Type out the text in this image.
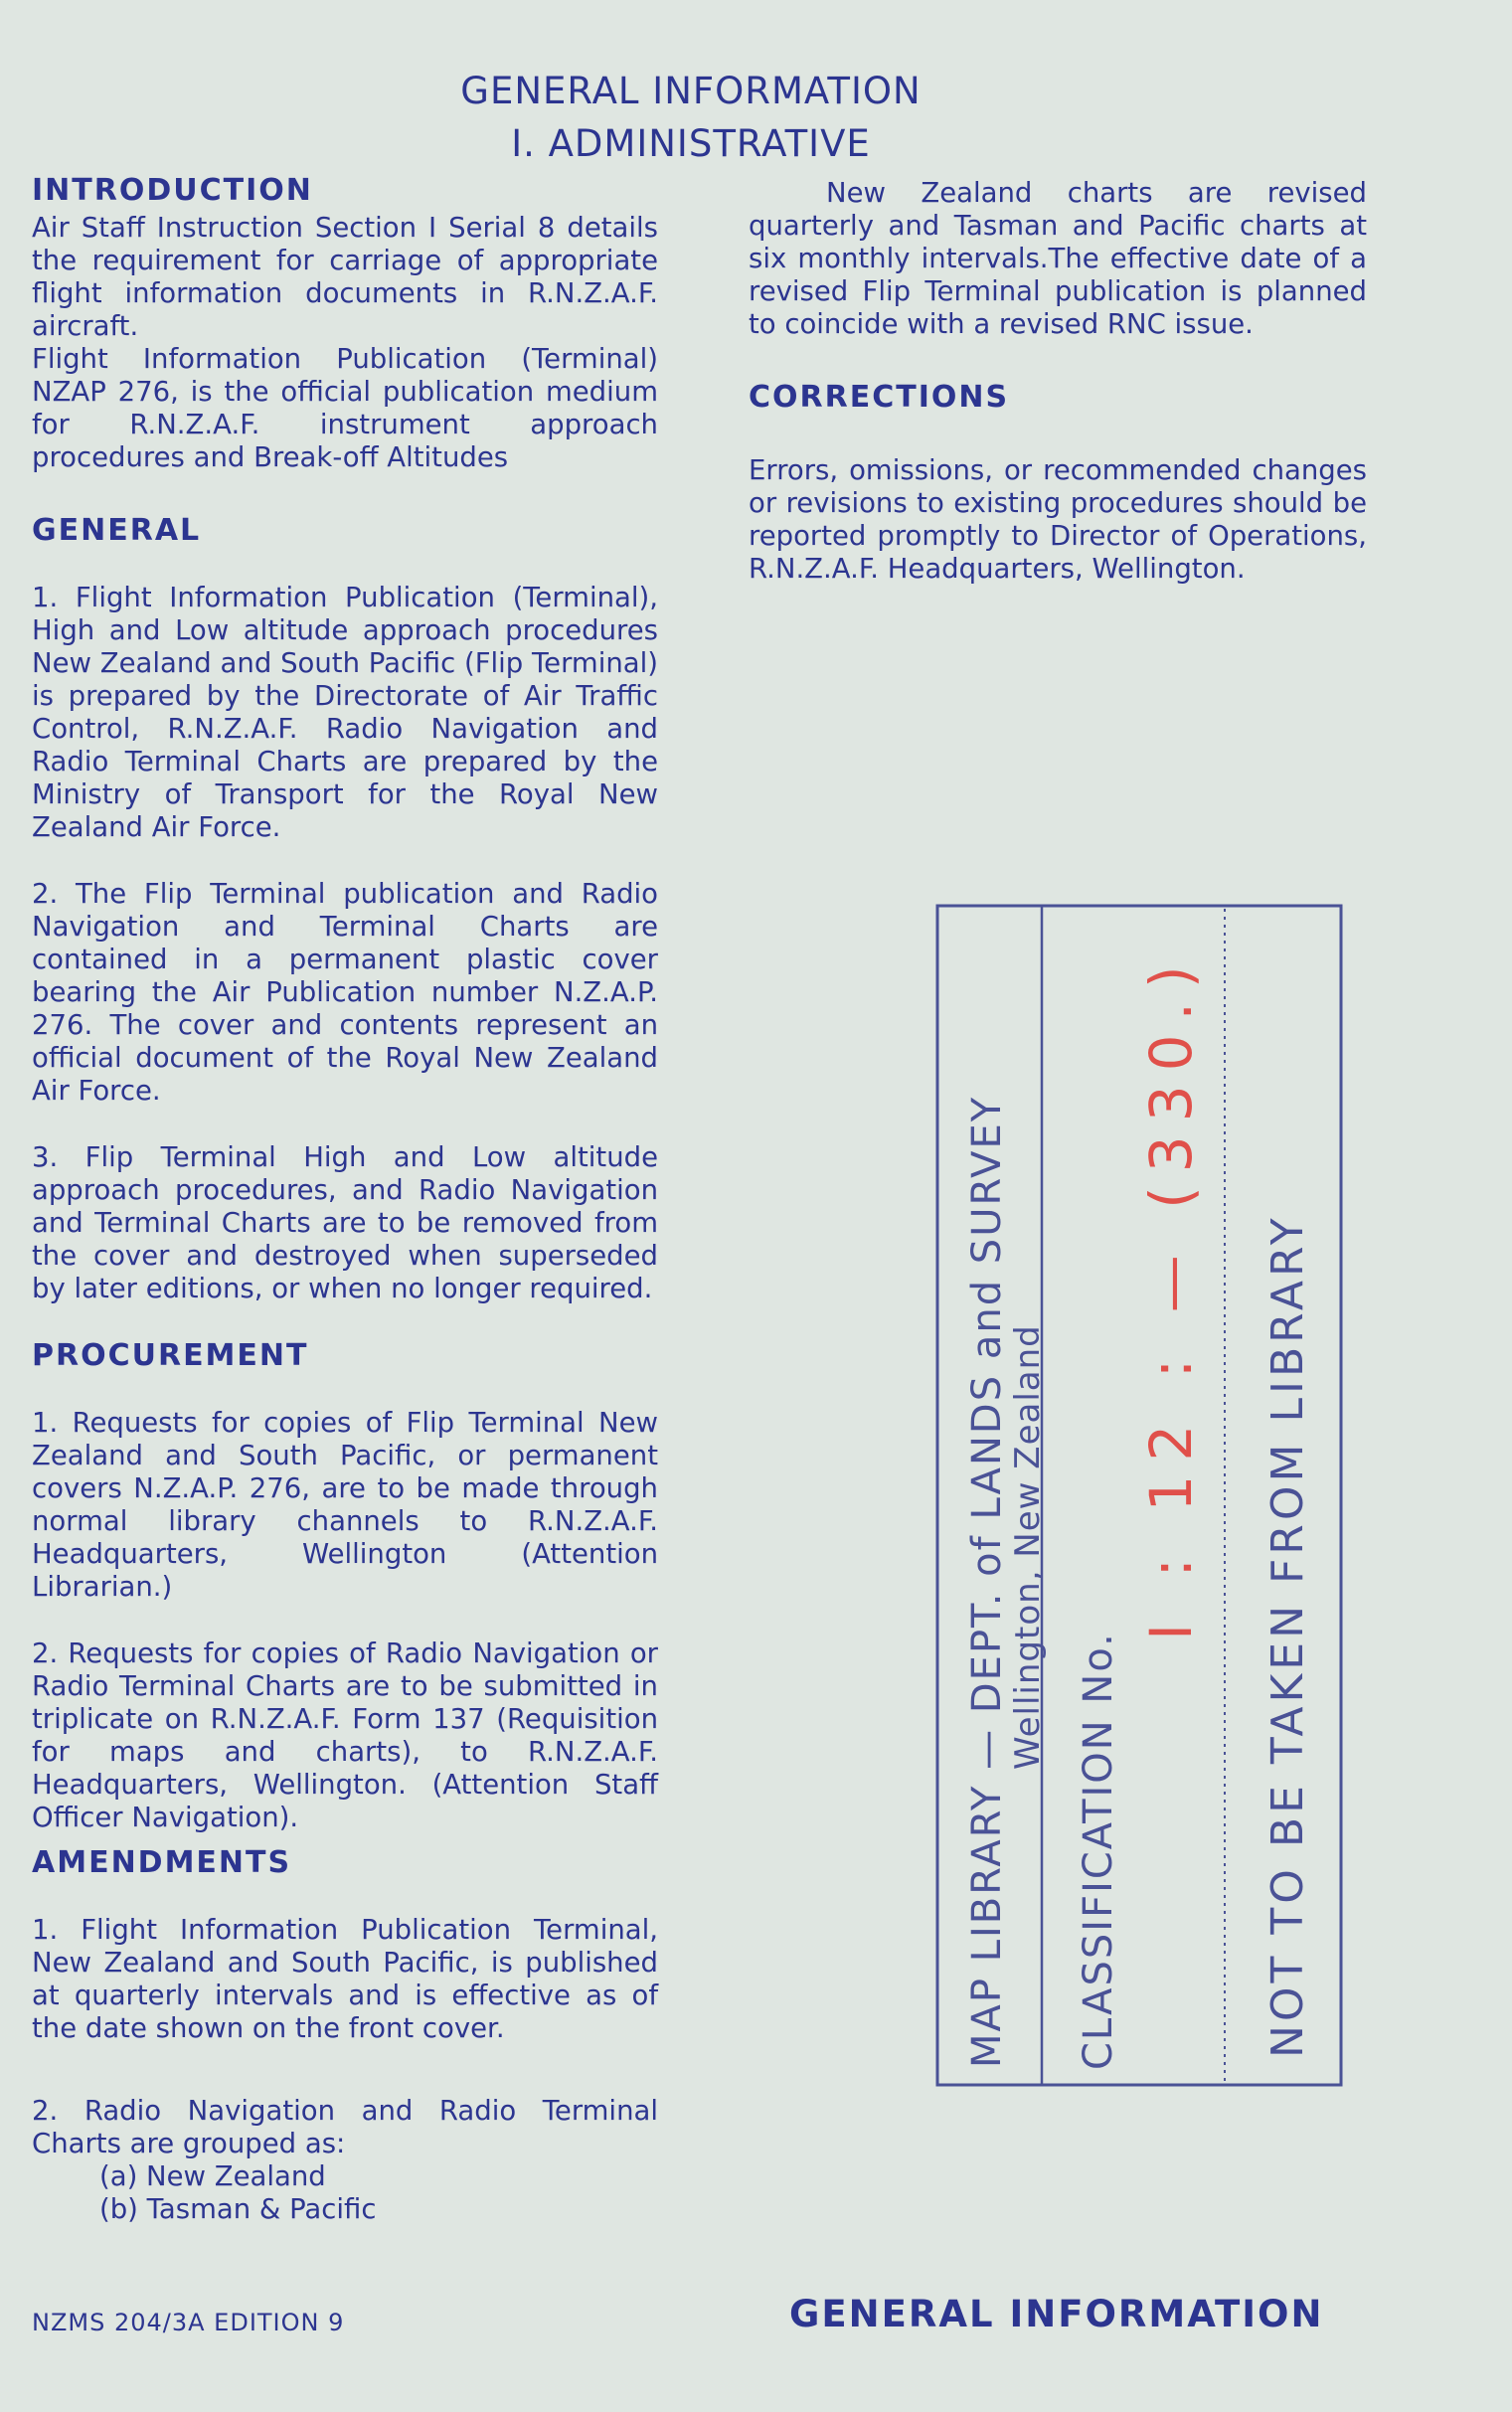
GENERAL INFORMATION
I. ADMINISTRATIVE
INTRODUCTION

Air Staff Instruction Section I Serial 8 details the requirement for carriage of appropriate flight information documents in R.N.Z.A.F. aircraft.

Flight Information Publication (Terminal) NZAP 276, is the official publication medium for R.N.Z.A.F. instrument approach procedures and Break-off Altitudes

GENERAL

1. Flight Information Publication (Terminal), High and Low altitude approach procedures New Zealand and South Pacific (Flip Terminal) is prepared by the Directorate of Air Traffic Control, R.N.Z.A.F. Radio Navigation and Radio Terminal Charts are prepared by the Ministry of Transport for the Royal New Zealand Air Force.

2. The Flip Terminal publication and Radio Navigation and Terminal Charts are contained in a permanent plastic cover bearing the Air Publication number N.Z.A.P. 276. The cover and contents represent an official document of the Royal New Zealand Air Force.

3. Flip Terminal High and Low altitude approach procedures, and Radio Navigation and Terminal Charts are to be removed from the cover and destroyed when superseded by later editions, or when no longer required.

PROCUREMENT

1. Requests for copies of Flip Terminal New Zealand and South Pacific, or permanent covers N.Z.A.P. 276, are to be made through normal library channels to R.N.Z.A.F. Headquarters, Wellington (Attention Librarian.)

2. Requests for copies of Radio Navigation or Radio Terminal Charts are to be submitted in triplicate on R.N.Z.A.F. Form 137 (Requisition for maps and charts), to R.N.Z.A.F. Headquarters, Wellington. (Attention Staff Officer Navigation).

AMENDMENTS

1. Flight Information Publication Terminal, New Zealand and South Pacific, is published at quarterly intervals and is effective as of the date shown on the front cover.

2. Radio Navigation and Radio Terminal Charts are grouped as:

(a) New Zealand
(b) Tasman & Pacific

New Zealand charts are revised quarterly and Tasman and Pacific charts at six monthly intervals.The effective date of a revised Flip Terminal publication is planned to coincide with a revised RNC issue.

CORRECTIONS

Errors, omissions, or recommended changes or revisions to existing procedures should be reported promptly to Director of Operations, R.N.Z.A.F. Headquarters, Wellington.

MAP LIBRARY — DEPT. of LANDS and SURVEY
Wellington, New Zealand
CLASSIFICATION No.
I : 12 : — (330.) NOT TO BE TAKEN FROM LIBRARY
NZMS 204/3A EDITION 9	GENERAL INFORMATION
